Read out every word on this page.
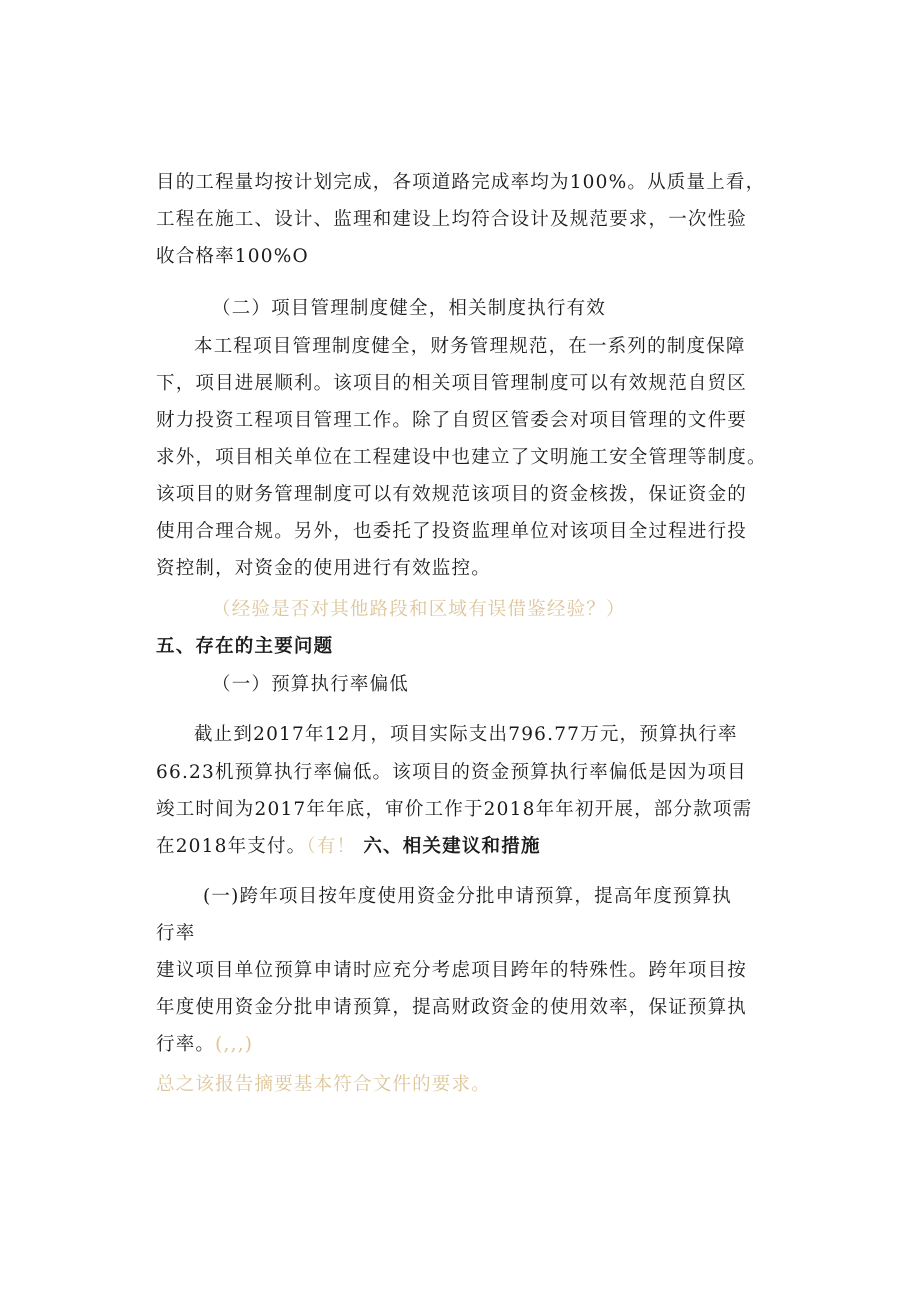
目的工程量均按计划完成，各项道路完成率均为100%。从质量上看，
工程在施工、设计、监理和建设上均符合设计及规范要求，一次性验
收合格率100%O
（二）项目管理制度健全，相关制度执行有效
本工程项目管理制度健全，财务管理规范，在一系列的制度保障
下，项目进展顺利。该项目的相关项目管理制度可以有效规范自贸区
财力投资工程项目管理工作。除了自贸区管委会对项目管理的文件要
求外，项目相关单位在工程建设中也建立了文明施工安全管理等制度。
该项目的财务管理制度可以有效规范该项目的资金核拨，保证资金的
使用合理合规。另外，也委托了投资监理单位对该项目全过程进行投
资控制，对资金的使用进行有效监控。
（经验是否对其他路段和区域有误借鉴经验？）
五、存在的主要问题
（一）预算执行率偏低
截止到2017年12月，项目实际支出796.77万元，预算执行率
66.23机预算执行率偏低。该项目的资金预算执行率偏低是因为项目
竣工时间为2017年年底，审价工作于2018年年初开展，部分款项需
在2018年支付。（有！ 六、相关建议和措施
(一)跨年项目按年度使用资金分批申请预算，提高年度预算执
行率
建议项目单位预算申请时应充分考虑项目跨年的特殊性。跨年项目按
年度使用资金分批申请预算，提高财政资金的使用效率，保证预算执
行率。(,,,)
总之该报告摘要基本符合文件的要求。
